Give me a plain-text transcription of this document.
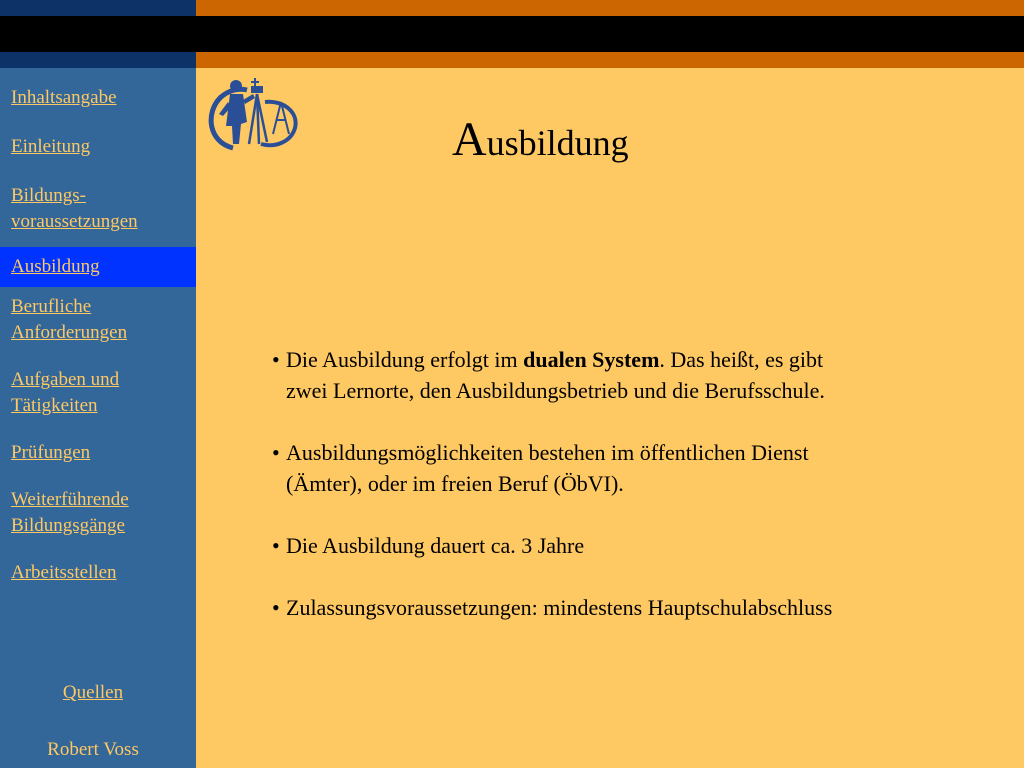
Inhaltsangabe
Einleitung
Bildungs-
voraussetzungen
Ausbildung
Berufliche
Anforderungen
Aufgaben und
Tätigkeiten
Prüfungen
Weiterführende
Bildungsgänge
Arbeitsstellen
Quellen
Robert Voss
Ausbildung
• Die Ausbildung erfolgt im dualen System. Das heißt, es gibt
zwei Lernorte, den Ausbildungsbetrieb und die Berufsschule.
• Ausbildungsmöglichkeiten bestehen im öffentlichen Dienst
(Ämter), oder im freien Beruf (ÖbVI).
• Die Ausbildung dauert ca. 3 Jahre
• Zulassungsvoraussetzungen: mindestens Hauptschulabschluss
